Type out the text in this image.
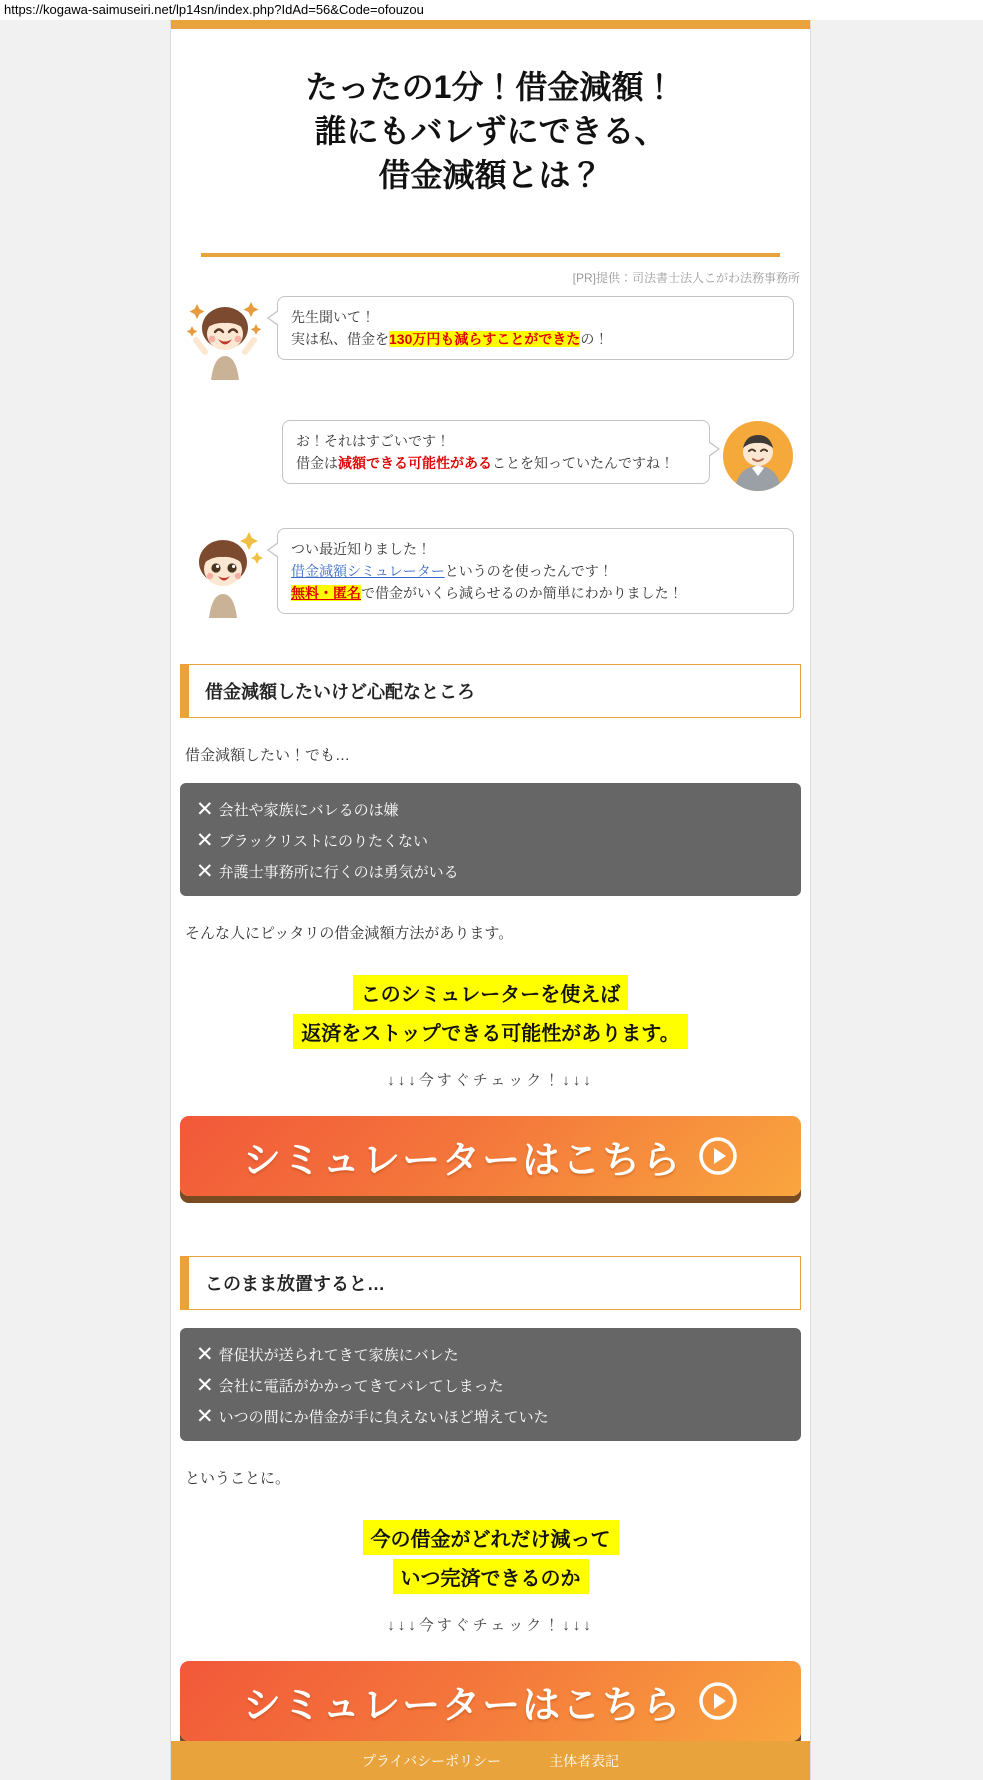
https://kogawa-saimuseiri.net/lp14sn/index.php?IdAd=56&Code=ofouzou
たったの1分！借金減額！
誰にもバレずにできる、
借金減額とは？
[PR]提供：司法書士法人こがわ法務事務所
先生聞いて！
実は私、借金を130万円も減らすことができたの！
お！それはすごいです！
借金は減額できる可能性があることを知っていたんですね！
つい最近知りました！
借金減額シミュレーターというのを使ったんです！
無料・匿名で借金がいくら減らせるのか簡単にわかりました！
借金減額したいけど心配なところ
借金減額したい！でも…
✕ 会社や家族にバレるのは嫌
✕ ブラックリストにのりたくない
✕ 弁護士事務所に行くのは勇気がいる
そんな人にピッタリの借金減額方法があります。
このシミュレーターを使えば
返済をストップできる可能性があります。
↓↓↓今すぐチェック！↓↓↓
シミュレーターはこちら
このまま放置すると…
✕ 督促状が送られてきて家族にバレた
✕ 会社に電話がかかってきてバレてしまった
✕ いつの間にか借金が手に負えないほど増えていた
ということに。
今の借金がどれだけ減って
いつ完済できるのか
↓↓↓今すぐチェック！↓↓↓
シミュレーターはこちら
プライバシーポリシー	主体者表記
